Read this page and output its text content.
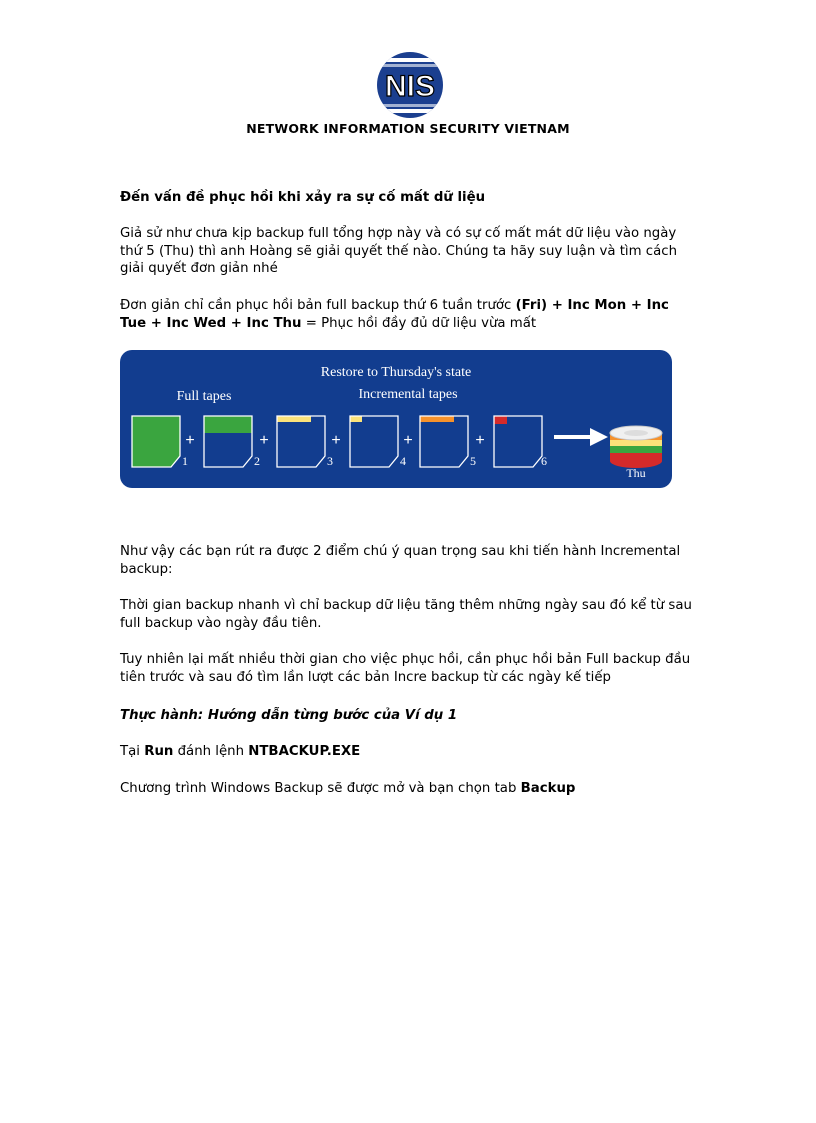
NIS
NETWORK INFORMATION SECURITY VIETNAM

Đến vấn đề phục hồi khi xảy ra sự cố mất dữ liệu

Giả sử như chưa kịp backup full tổng hợp này và có sự cố mất mát dữ liệu vào ngày thứ 5 (Thu) thì anh Hoàng sẽ giải quyết thế nào. Chúng ta hãy suy luận và tìm cách giải quyết đơn giản nhé

Đơn giản chỉ cần phục hồi bản full backup thứ 6 tuần trước (Fri) + Inc Mon + Inc Tue + Inc Wed + Inc Thu = Phục hồi đầy đủ dữ liệu vừa mất

Restore to Thursday's state
Full tapes	Incremental tapes
1
+
2
+
3
+
4
+
5
+
6
Thu

Như vậy các bạn rút ra được 2 điểm chú ý quan trọng sau khi tiến hành Incremental backup:

Thời gian backup nhanh vì chỉ backup dữ liệu tăng thêm những ngày sau đó kể từ sau full backup vào ngày đầu tiên.

Tuy nhiên lại mất nhiều thời gian cho việc phục hồi, cần phục hồi bản Full backup đầu tiên trước và sau đó tìm lần lượt các bản Incre backup từ các ngày kế tiếp

Thực hành: Hướng dẫn từng bước của Ví dụ 1

Tại Run đánh lệnh NTBACKUP.EXE

Chương trình Windows Backup sẽ được mở và bạn chọn tab Backup
